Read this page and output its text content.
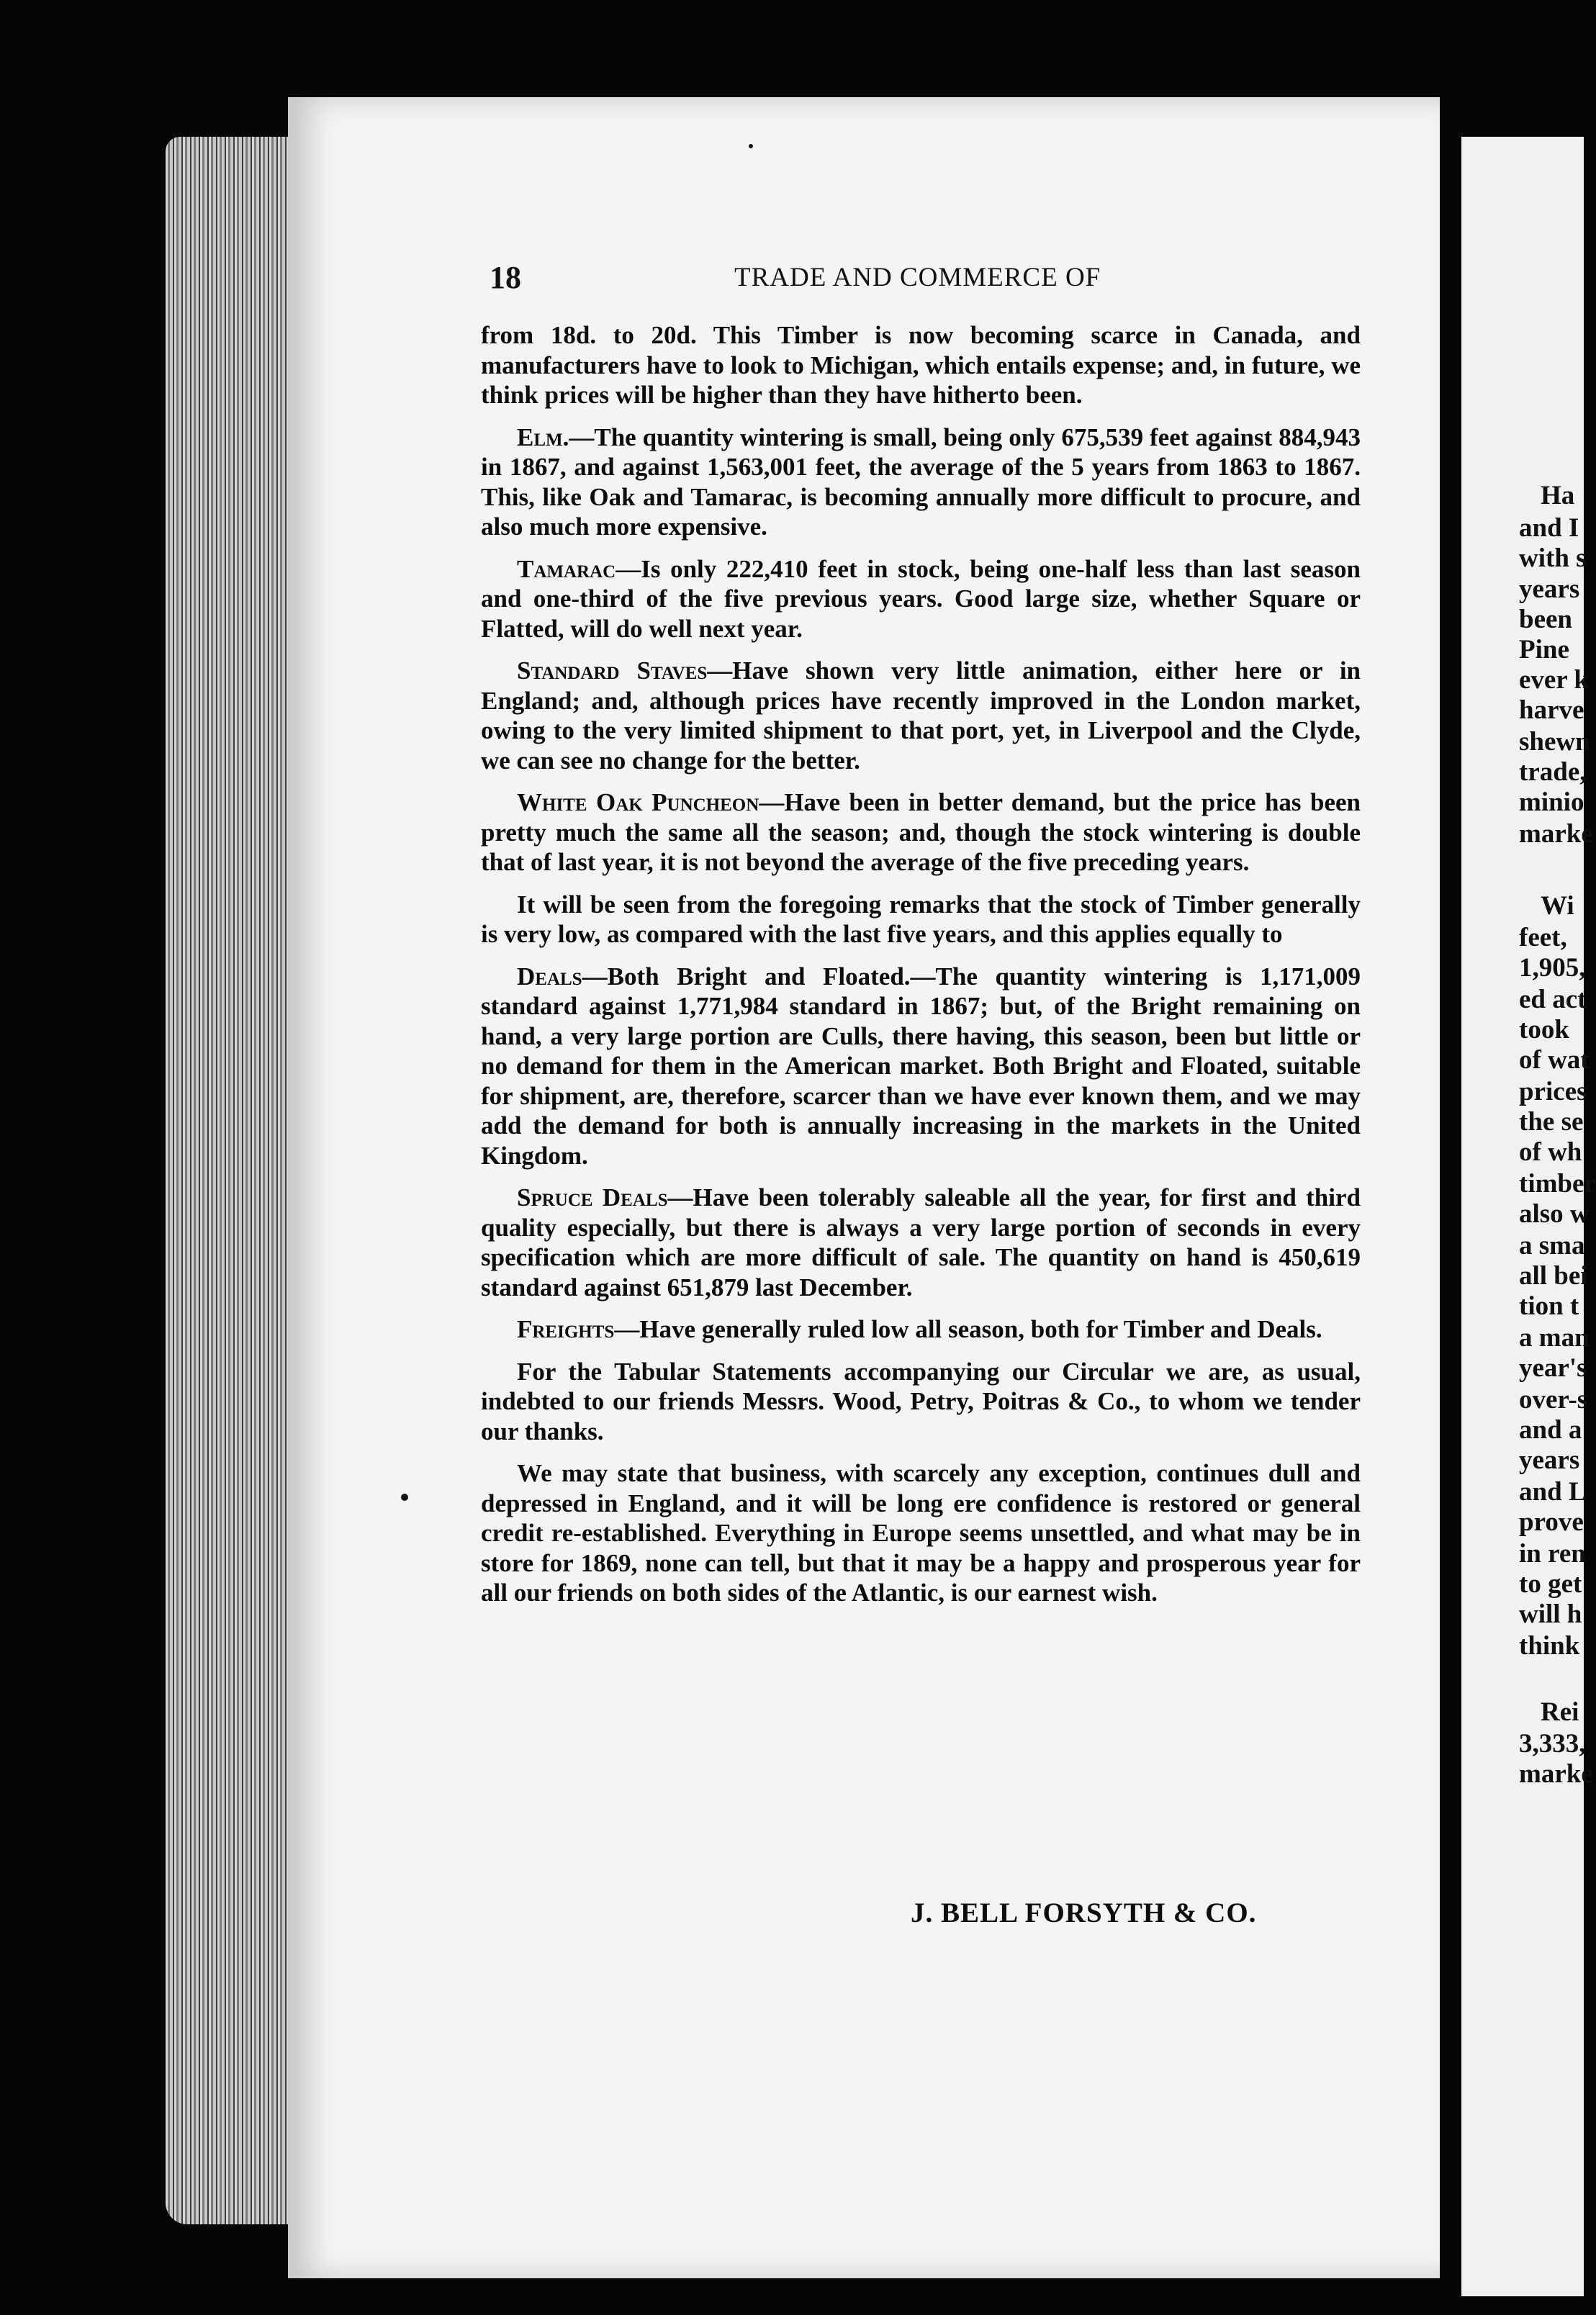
Ha
and I
with s
years
been
Pine
ever k
harve
shewn
trade,
minio
marke
Wi
feet,
1,905,
ed act
took
of wat
prices
the se
of wh
timber
also w
a sma
all bei
tion t
a man
year's
over-s
and a
years
and L
prove
in ren
to get
will h
think
Rei
3,333,
marke
18	TRADE AND COMMERCE OF

from 18d. to 20d. This Timber is now becoming scarce in Canada, and manufacturers have to look to Michigan, which entails expense; and, in future, we think prices will be higher than they have hitherto been.

Elm.—The quantity wintering is small, being only 675,539 feet against 884,943 in 1867, and against 1,563,001 feet, the average of the 5 years from 1863 to 1867. This, like Oak and Tamarac, is becoming annually more difficult to procure, and also much more expensive.

Tamarac—Is only 222,410 feet in stock, being one-half less than last season and one-third of the five previous years. Good large size, whether Square or Flatted, will do well next year.

Standard Staves—Have shown very little animation, either here or in England; and, although prices have recently improved in the London market, owing to the very limited shipment to that port, yet, in Liverpool and the Clyde, we can see no change for the better.

White Oak Puncheon—Have been in better demand, but the price has been pretty much the same all the season; and, though the stock wintering is double that of last year, it is not beyond the average of the five preceding years.

It will be seen from the foregoing remarks that the stock of Timber generally is very low, as compared with the last five years, and this applies equally to

Deals—Both Bright and Floated.—The quantity wintering is 1,171,009 standard against 1,771,984 standard in 1867; but, of the Bright remaining on hand, a very large portion are Culls, there having, this season, been but little or no demand for them in the American market. Both Bright and Floated, suitable for shipment, are, therefore, scarcer than we have ever known them, and we may add the demand for both is annually increasing in the markets in the United Kingdom.

Spruce Deals—Have been tolerably saleable all the year, for first and third quality especially, but there is always a very large portion of seconds in every specification which are more difficult of sale. The quantity on hand is 450,619 standard against 651,879 last December.

Freights—Have generally ruled low all season, both for Timber and Deals.

For the Tabular Statements accompanying our Circular we are, as usual, indebted to our friends Messrs. Wood, Petry, Poitras & Co., to whom we tender our thanks.

We may state that business, with scarcely any exception, continues dull and depressed in England, and it will be long ere confidence is restored or general credit re-established. Everything in Europe seems unsettled, and what may be in store for 1869, none can tell, but that it may be a happy and prosperous year for all our friends on both sides of the Atlantic, is our earnest wish.

J. BELL FORSYTH & CO.
